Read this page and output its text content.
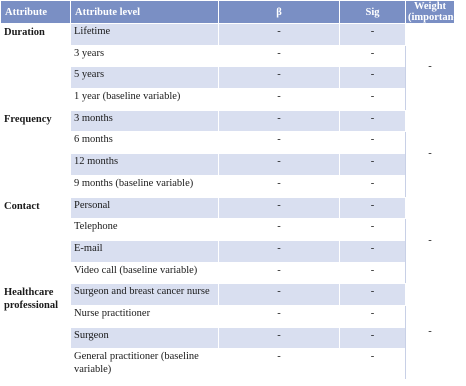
Attribute	Attribute level	β	Sig	Weight (importance)
Duration	Lifetime	-	-	-
	3 years	-	-	
	5 years	-	-	
	1 year (baseline variable)	-	-	
Frequency	3 months	-	-	-
	6 months	-	-	
	12 months	-	-	
	9 months (baseline variable)	-	-	
Contact	Personal	-	-	-
	Telephone	-	-	
	E-mail	-	-	
	Video call (baseline variable)	-	-	
Healthcare professional	Surgeon and breast cancer nurse	-	-	-
	Nurse practitioner	-	-	
	Surgeon	-	-	
	General practitioner (baseline variable)	-	-	
